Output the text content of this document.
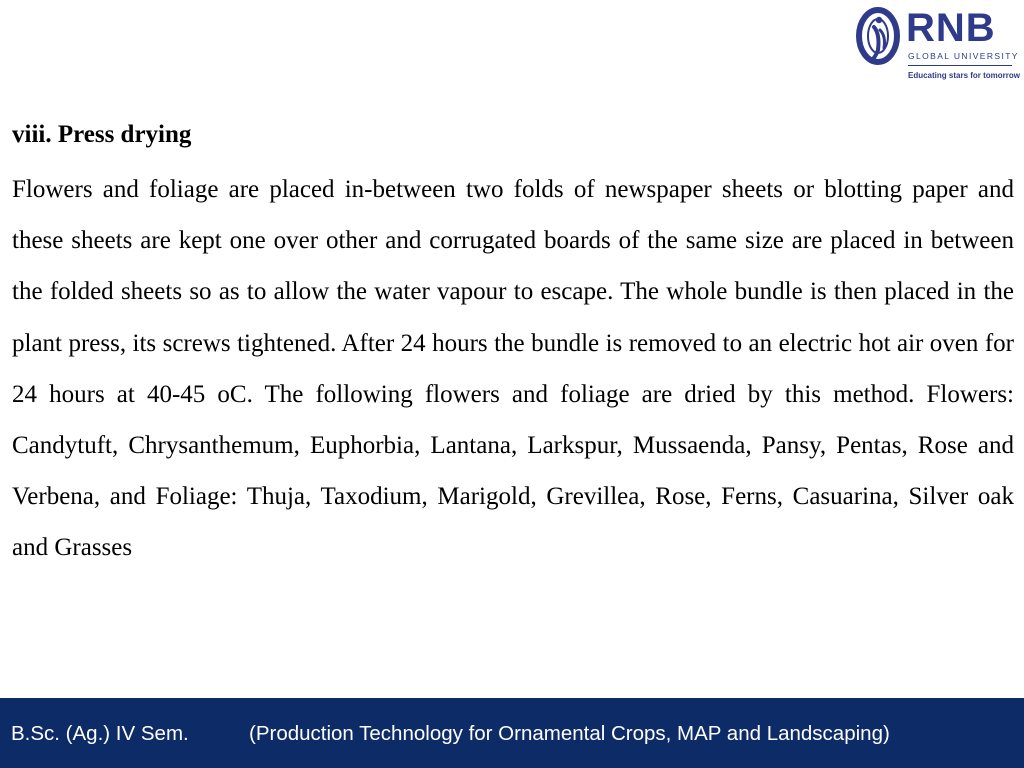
RNB
GLOBAL UNIVERSITY
Educating stars for tomorrow

viii. Press drying

Flowers and foliage are placed in-between two folds of newspaper sheets or blotting paper and these sheets are kept one over other and corrugated boards of the same size are placed in between the folded sheets so as to allow the water vapour to escape. The whole bundle is then placed in the plant press, its screws tightened. After 24 hours the bundle is removed to an electric hot air oven for 24 hours at 40-45 oC. The following flowers and foliage are dried by this method. Flowers: Candytuft, Chrysanthemum, Euphorbia, Lantana, Larkspur, Mussaenda, Pansy, Pentas, Rose and Verbena, and Foliage: Thuja, Taxodium, Marigold, Grevillea, Rose, Ferns, Casuarina, Silver oak and Grasses

B.Sc. (Ag.) IV Sem.	(Production Technology for Ornamental Crops, MAP and Landscaping)
